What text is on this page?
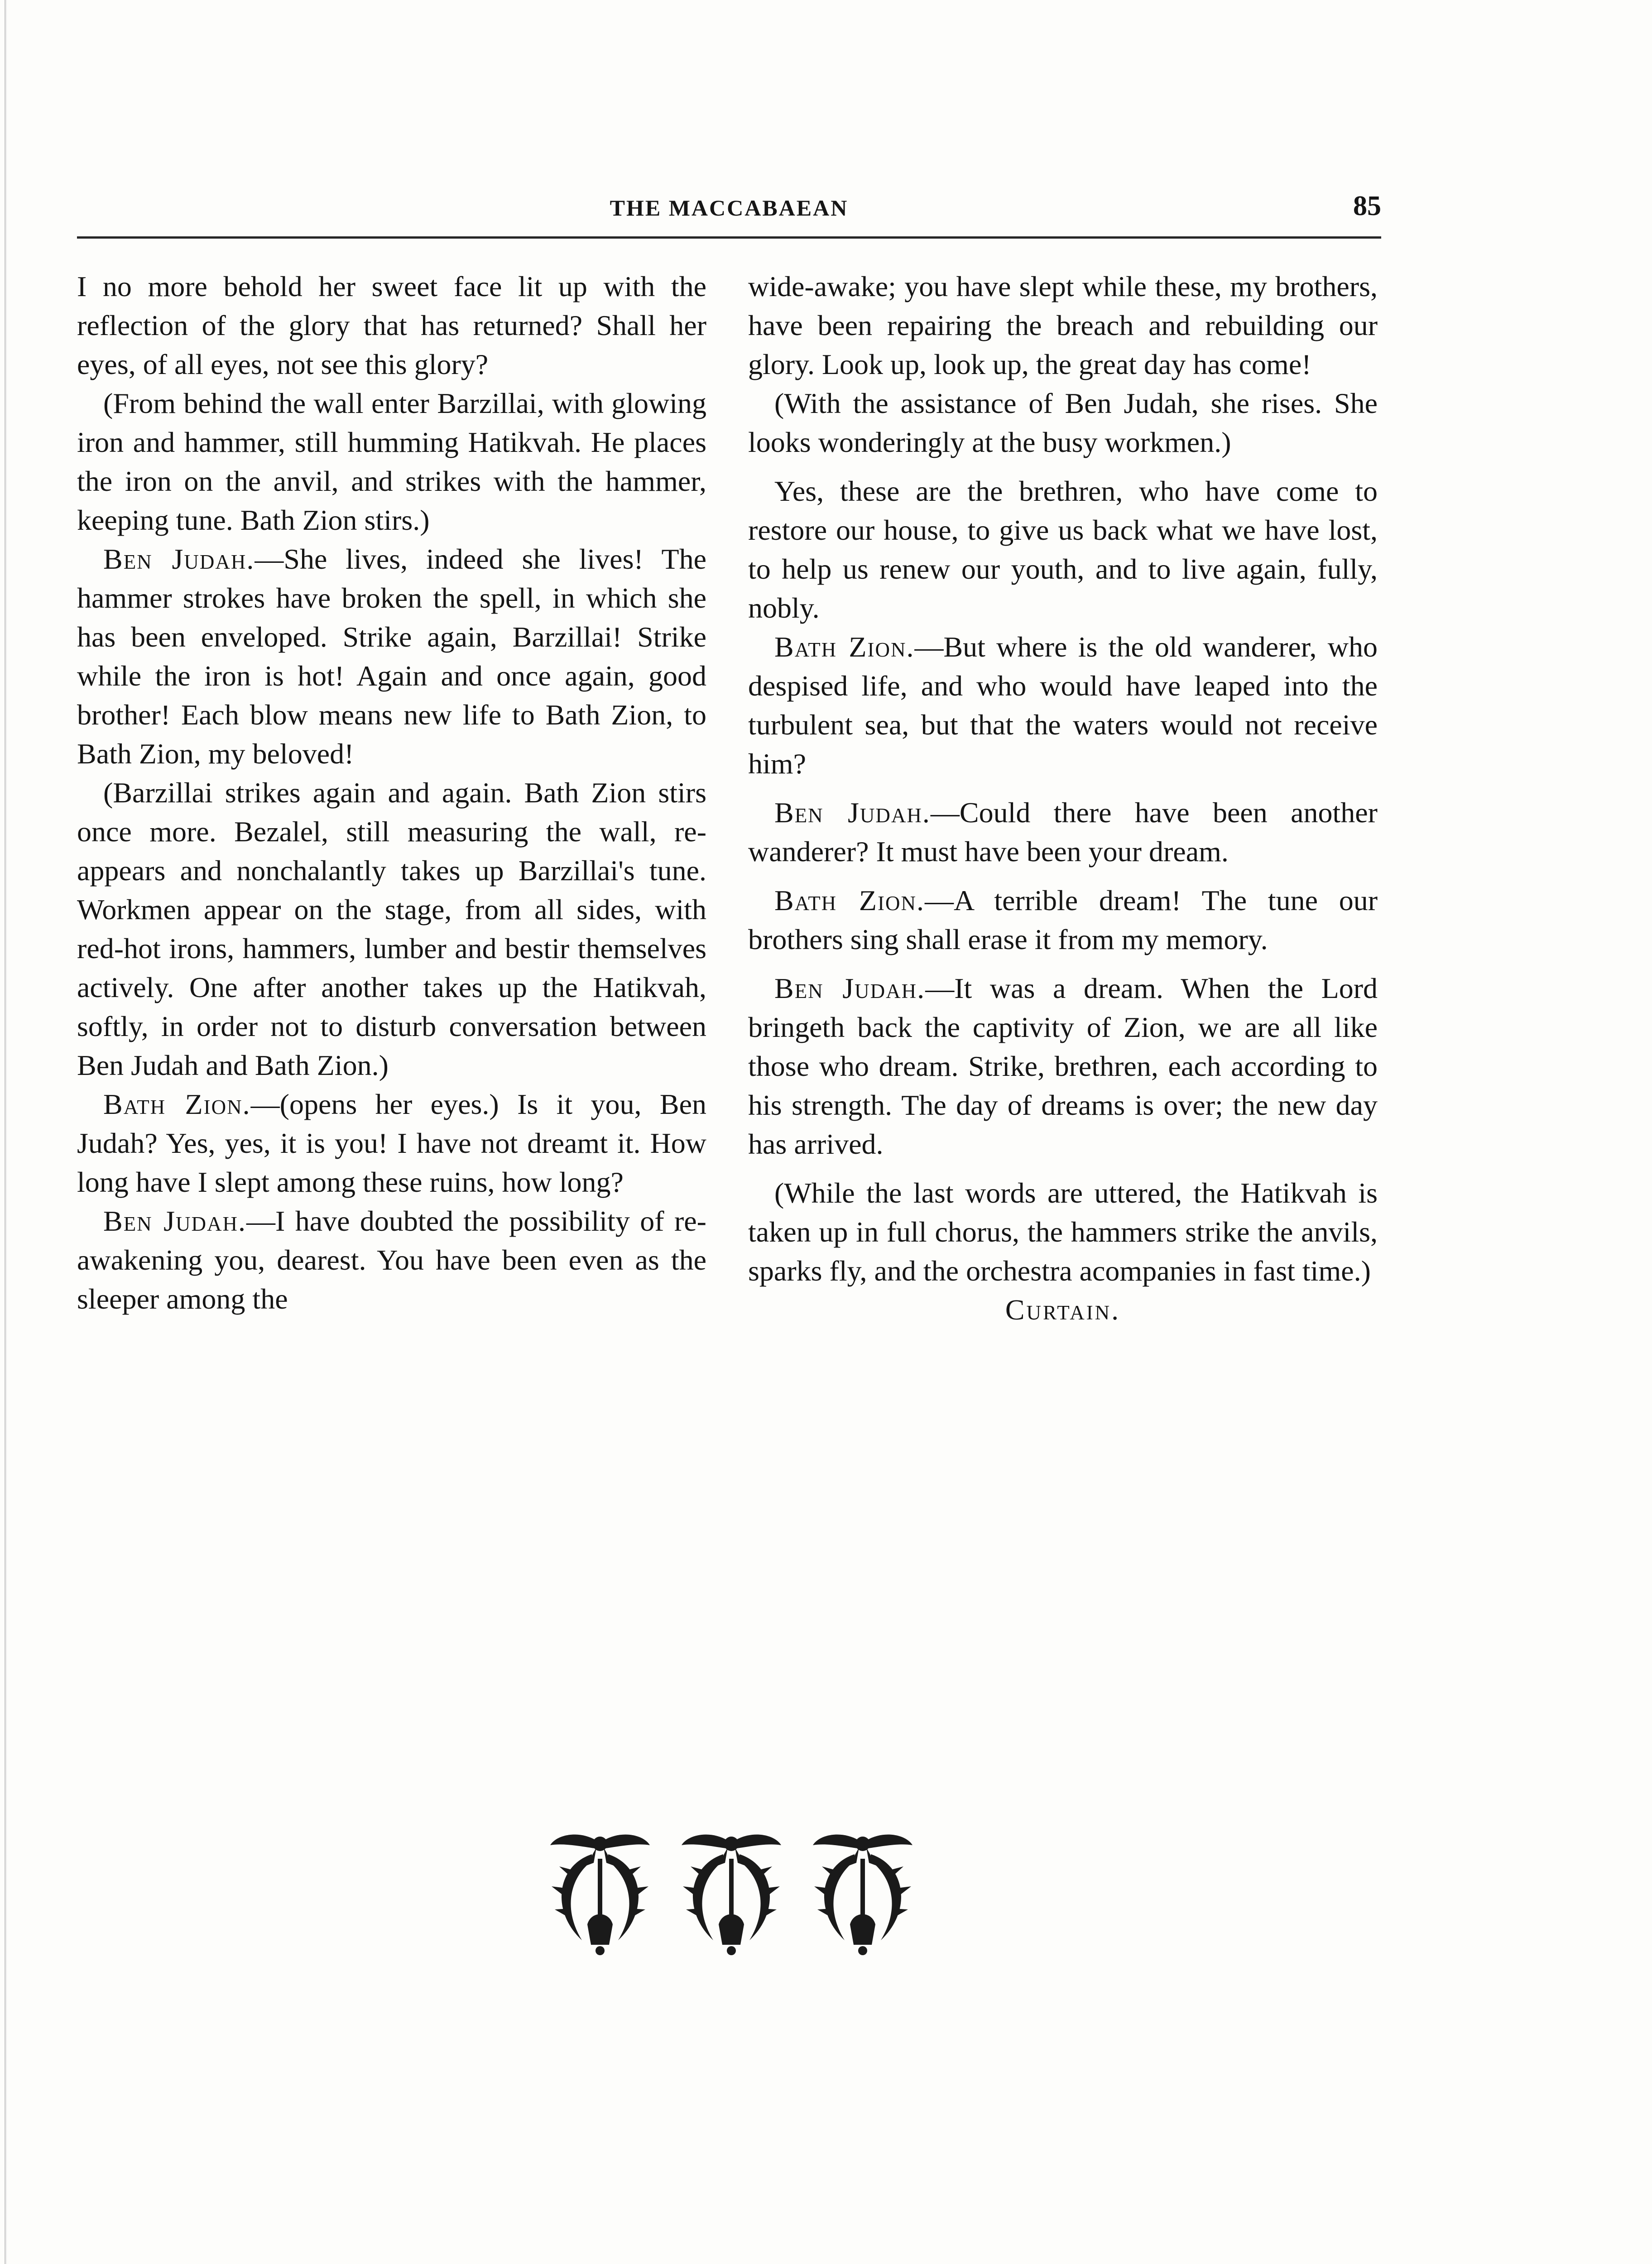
THE MACCABAEAN	85

I no more behold her sweet face lit up with the reflection of the glory that has returned? Shall her eyes, of all eyes, not see this glory?

(From behind the wall enter Barzillai, with glowing iron and hammer, still humming Hatikvah. He places the iron on the anvil, and strikes with the hammer, keeping tune. Bath Zion stirs.)

Ben Judah.—She lives, indeed she lives! The hammer strokes have broken the spell, in which she has been enveloped. Strike again, Barzillai! Strike while the iron is hot! Again and once again, good brother! Each blow means new life to Bath Zion, to Bath Zion, my beloved!

(Barzillai strikes again and again. Bath Zion stirs once more. Bezalel, still measuring the wall, re-appears and nonchalantly takes up Barzillai's tune. Workmen appear on the stage, from all sides, with red-hot irons, hammers, lumber and bestir themselves actively. One after another takes up the Hatikvah, softly, in order not to disturb conversation between Ben Judah and Bath Zion.)

Bath Zion.—(opens her eyes.) Is it you, Ben Judah? Yes, yes, it is you! I have not dreamt it. How long have I slept among these ruins, how long?

Ben Judah.—I have doubted the possibility of re-awakening you, dearest. You have been even as the sleeper among the

wide-awake; you have slept while these, my brothers, have been repairing the breach and rebuilding our glory. Look up, look up, the great day has come!

(With the assistance of Ben Judah, she rises. She looks wonderingly at the busy workmen.)

Yes, these are the brethren, who have come to restore our house, to give us back what we have lost, to help us renew our youth, and to live again, fully, nobly.

Bath Zion.—But where is the old wanderer, who despised life, and who would have leaped into the turbulent sea, but that the waters would not receive him?

Ben Judah.—Could there have been another wanderer? It must have been your dream.

Bath Zion.—A terrible dream! The tune our brothers sing shall erase it from my memory.

Ben Judah.—It was a dream. When the Lord bringeth back the captivity of Zion, we are all like those who dream. Strike, brethren, each according to his strength. The day of dreams is over; the new day has arrived.

(While the last words are uttered, the Hatikvah is taken up in full chorus, the hammers strike the anvils, sparks fly, and the orchestra acompanies in fast time.)

Curtain.
